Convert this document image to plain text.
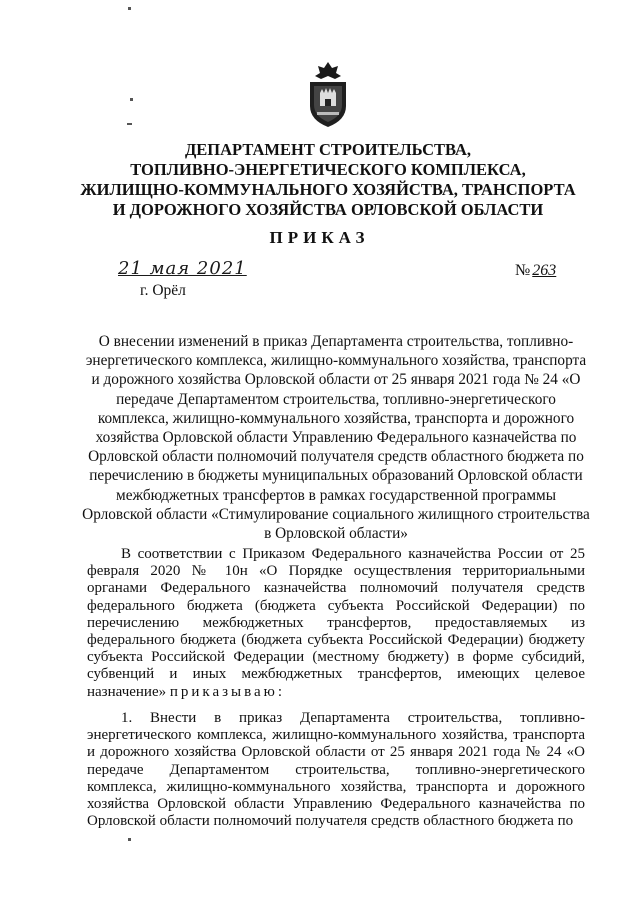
ДЕПАРТАМЕНТ СТРОИТЕЛЬСТВА,
ТОПЛИВНО-ЭНЕРГЕТИЧЕСКОГО КОМПЛЕКСА,
ЖИЛИЩНО-КОММУНАЛЬНОГО ХОЗЯЙСТВА, ТРАНСПОРТА
И ДОРОЖНОГО ХОЗЯЙСТВА ОРЛОВСКОЙ ОБЛАСТИ
ПРИКАЗ
21 мая 2021	№ 263
г. Орёл
О внесении изменений в приказ Департамента строительства, топливно-энергетического комплекса, жилищно-коммунального хозяйства, транспорта и дорожного хозяйства Орловской области от 25 января 2021 года № 24 «О передаче Департаментом строительства, топливно-энергетического комплекса, жилищно-коммунального хозяйства, транспорта и дорожного хозяйства Орловской области Управлению Федерального казначейства по Орловской области полномочий получателя средств областного бюджета по перечислению в бюджеты муниципальных образований Орловской области межбюджетных трансфертов в рамках государственной программы Орловской области «Стимулирование социального жилищного строительства в Орловской области»
В соответствии с Приказом Федерального казначейства России от 25 февраля 2020 № 10н «О Порядке осуществления территориальными органами Федерального казначейства полномочий получателя средств федерального бюджета (бюджета субъекта Российской Федерации) по перечислению межбюджетных трансфертов, предоставляемых из федерального бюджета (бюджета субъекта Российской Федерации) бюджету субъекта Российской Федерации (местному бюджету) в форме субсидий, субвенций и иных межбюджетных трансфертов, имеющих целевое назначение» приказываю:
1. Внести в приказ Департамента строительства, топливно-энергетического комплекса, жилищно-коммунального хозяйства, транспорта и дорожного хозяйства Орловской области от 25 января 2021 года № 24 «О передаче Департаментом строительства, топливно-энергетического комплекса, жилищно-коммунального хозяйства, транспорта и дорожного хозяйства Орловской области Управлению Федерального казначейства по Орловской области полномочий получателя средств областного бюджета по
